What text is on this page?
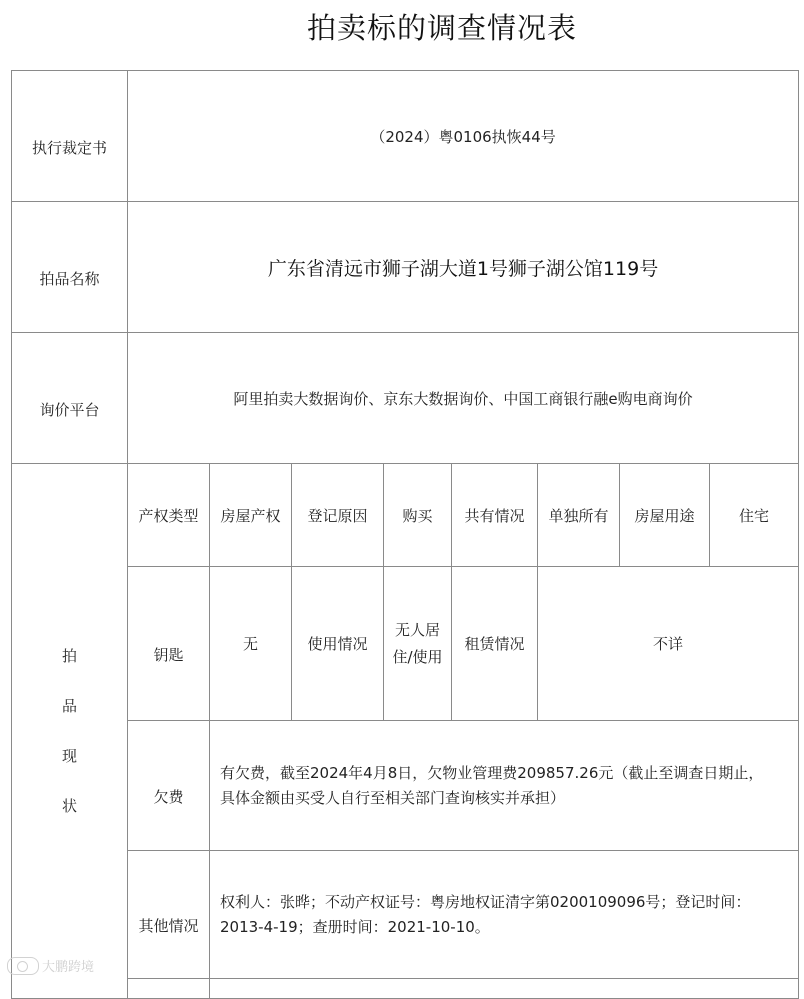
拍卖标的调查情况表
执行裁定书	（2024）粤0106执恢44号							
拍品名称	广东省清远市狮子湖大道1号狮子湖公馆119号							
询价平台	阿里拍卖大数据询价、京东大数据询价、中国工商银行融e购电商询价							

拍
品
现
状	产权类型	房屋产权	登记原因	购买	共有情况	单独所有	房屋用途	住宅
	钥匙	无	使用情况	无人居住/使用	租赁情况	不详		
	欠费	有欠费，截至2024年4月8日，欠物业管理费209857.26元（截止至调查日期止，具体金额由买受人自行至相关部门查询核实并承担）						
	其他情况	权利人：张晔；不动产权证号：粤房地权证清字第0200109096号；登记时间：2013-4-19；查册时间：2021-10-10。						

大鹏跨境
